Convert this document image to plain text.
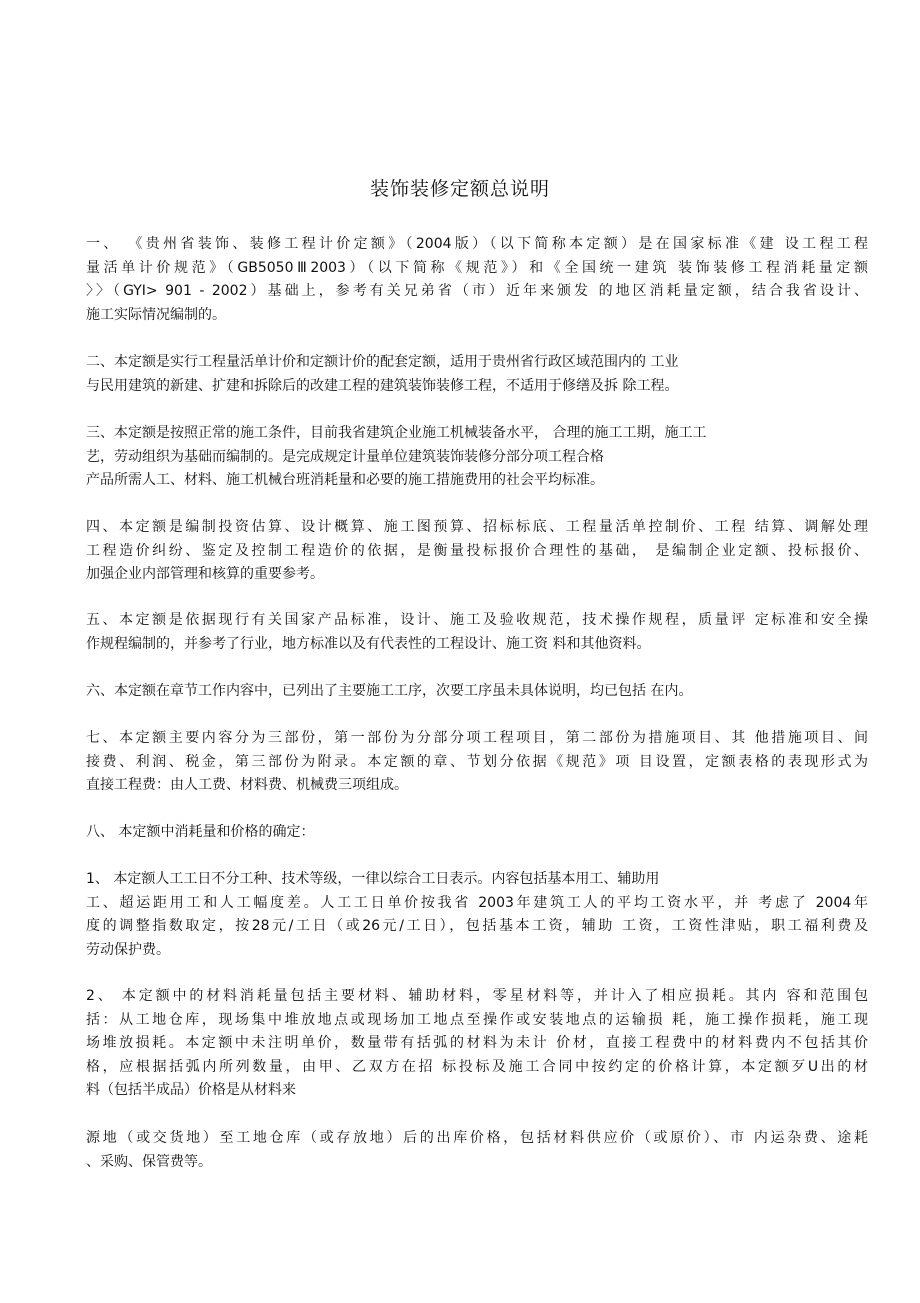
装饰装修定额总说明
一、 《贵州省装饰、装修工程计价定额》（2004版）（以下简称本定额）是在国家标准《建 设工程工程
量活单计价规范》（GB5050Ⅲ2003）（以下简称《规范》）和《全国统一建筑 装饰装修工程消耗量定额
〉〉（GYI> 901 - 2002）基础上，参考有关兄弟省（市）近年来颁发 的地区消耗量定额，结合我省设计、
施工实际情况编制的。
二、本定额是实行工程量活单计价和定额计价的配套定额，适用于贵州省行政区域范围内的 工业
与民用建筑的新建、扩建和拆除后的改建工程的建筑装饰装修工程，不适用于修缮及拆 除工程。
三、本定额是按照正常的施工条件，目前我省建筑企业施工机械装备水平， 合理的施工工期，施工工
艺，劳动组织为基础而编制的。是完成规定计量单位建筑装饰装修分部分项工程合格
产品所需人工、材料、施工机械台班消耗量和必要的施工措施费用的社会平均标准。
四、本定额是编制投资估算、设计概算、施工图预算、招标标底、工程量活单控制价、工程 结算、调解处理
工程造价纠纷、鉴定及控制工程造价的依据，是衡量投标报价合理性的基础， 是编制企业定额、投标报价、
加强企业内部管理和核算的重要参考。
五、本定额是依据现行有关国家产品标准，设计、施工及验收规范，技术操作规程，质量评 定标准和安全操
作规程编制的，并参考了行业，地方标准以及有代表性的工程设计、施工资 料和其他资料。
六、本定额在章节工作内容中，已列出了主要施工工序，次要工序虽未具体说明，均已包括 在内。
七、本定额主要内容分为三部份，第一部份为分部分项工程项目，第二部份为措施项目、其 他措施项目、间
接费、利润、税金，第三部份为附录。本定额的章、节划分依据《规范》项 目设置，定额表格的表现形式为
直接工程费：由人工费、材料费、机械费三项组成。
八、 本定额中消耗量和价格的确定：
1、 本定额人工工日不分工种、技术等级，一律以综合工日表示。内容包括基本用工、辅助用
工、超运距用工和人工幅度差。人工工日单价按我省 2003年建筑工人的平均工资水平，并 考虑了 2004年
度的调整指数取定，按28元/工日（或26元/工日），包括基本工资，辅助 工资，工资性津贴，职工福利费及
劳动保护费。
2、 本定额中的材料消耗量包括主要材料、辅助材料，零星材料等，并计入了相应损耗。其内 容和范围包
括：从工地仓库，现场集中堆放地点或现场加工地点至操作或安装地点的运输损 耗，施工操作损耗，施工现
场堆放损耗。本定额中未注明单价，数量带有括弧的材料为未计 价材，直接工程费中的材料费内不包括其价
格，应根据括弧内所列数量，由甲、乙双方在招 标投标及施工合同中按约定的价格计算，本定额歹U出的材
料（包括半成品）价格是从材料来
源地（或交货地）至工地仓库（或存放地）后的出库价格，包括材料供应价（或原价）、市 内运杂费、途耗
、采购、保管费等。
